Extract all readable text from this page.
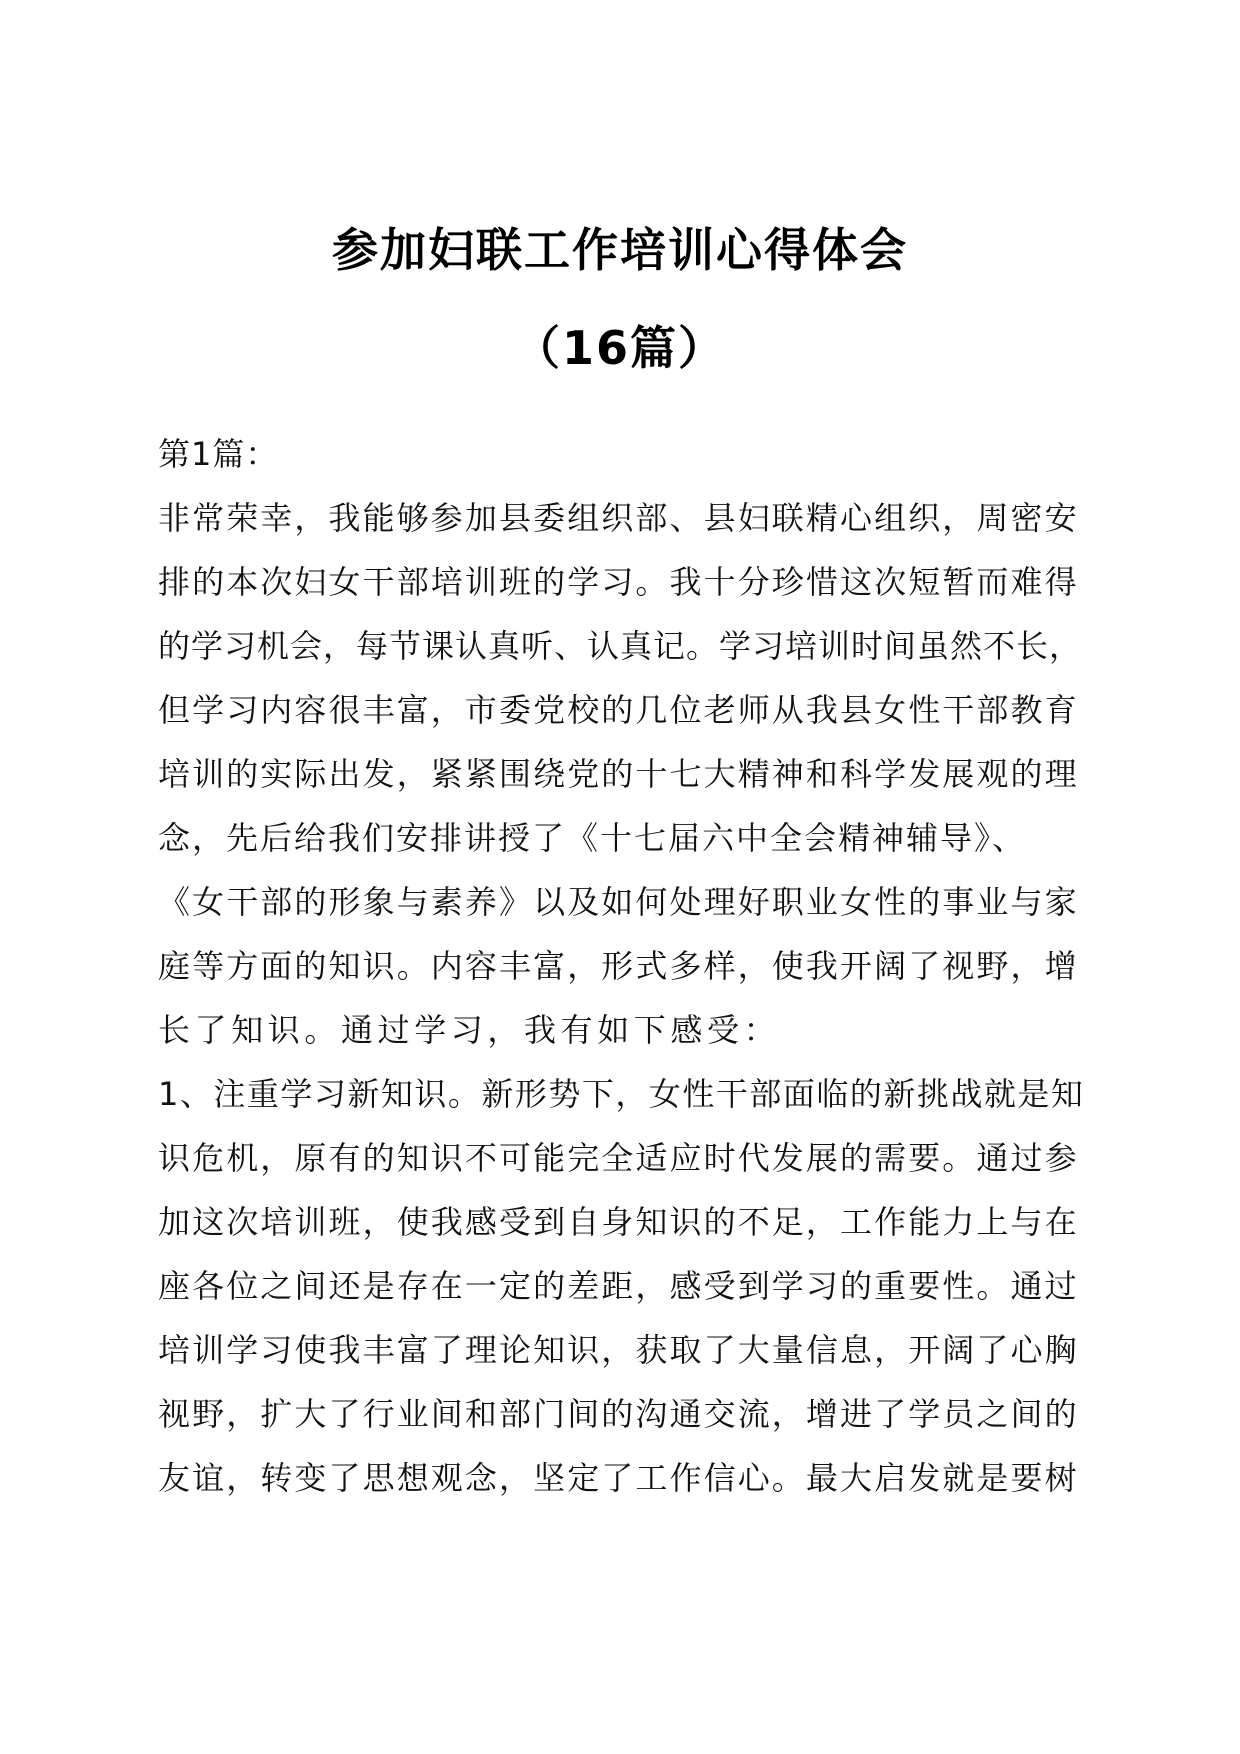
参加妇联工作培训心得体会
（16篇）
第1篇：
非常荣幸，我能够参加县委组织部、县妇联精心组织，周密安
排的本次妇女干部培训班的学习。我十分珍惜这次短暂而难得
的学习机会，每节课认真听、认真记。学习培训时间虽然不长，
但学习内容很丰富，市委党校的几位老师从我县女性干部教育
培训的实际出发，紧紧围绕党的十七大精神和科学发展观的理
念，先后给我们安排讲授了《十七届六中全会精神辅导》、
《女干部的形象与素养》以及如何处理好职业女性的事业与家
庭等方面的知识。内容丰富，形式多样，使我开阔了视野，增
长了知识。通过学习，我有如下感受：
1、注重学习新知识。新形势下，女性干部面临的新挑战就是知
识危机，原有的知识不可能完全适应时代发展的需要。通过参
加这次培训班，使我感受到自身知识的不足，工作能力上与在
座各位之间还是存在一定的差距，感受到学习的重要性。通过
培训学习使我丰富了理论知识，获取了大量信息，开阔了心胸
视野，扩大了行业间和部门间的沟通交流，增进了学员之间的
友谊，转变了思想观念，坚定了工作信心。最大启发就是要树
